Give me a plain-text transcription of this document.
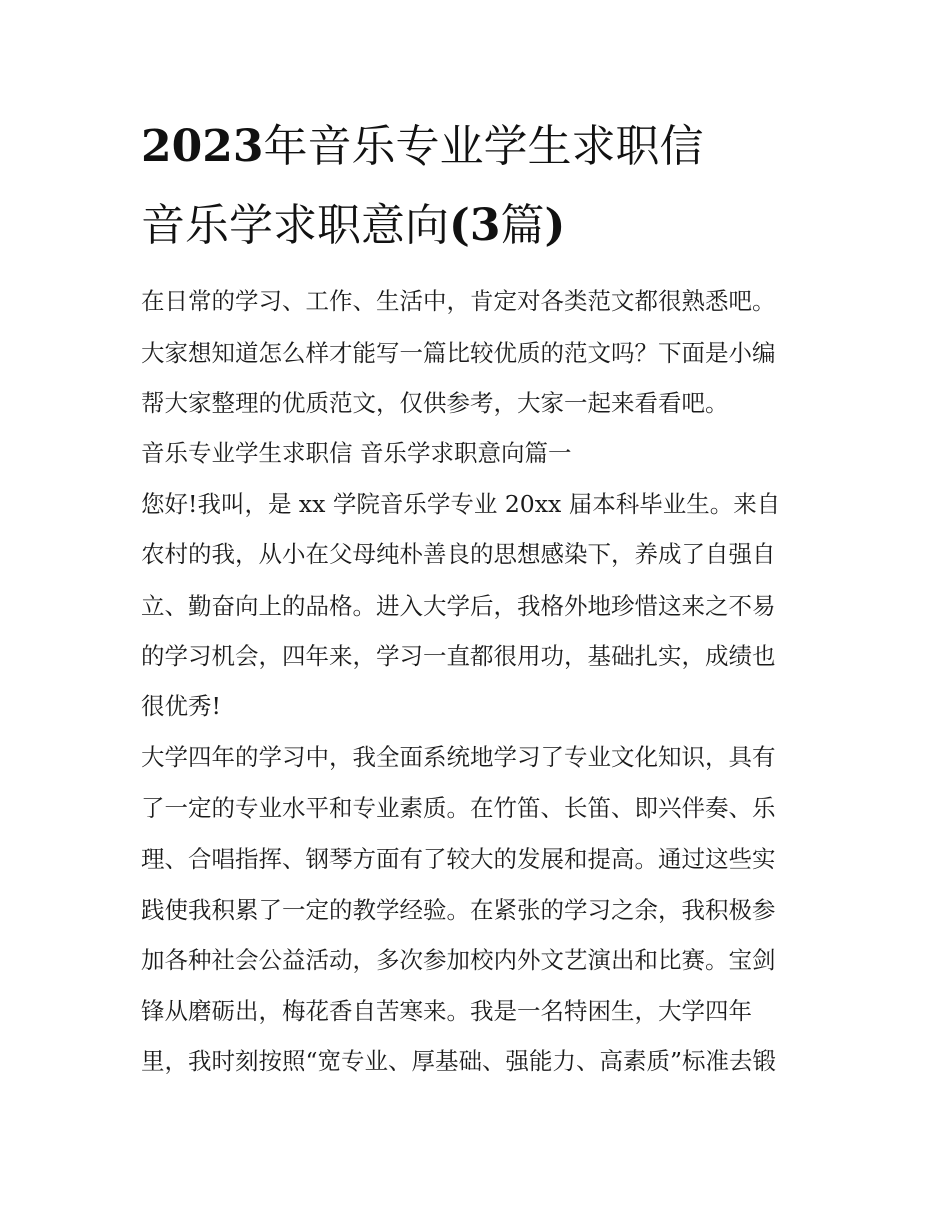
2023年音乐专业学生求职信
音乐学求职意向(3篇)

在日常的学习、工作、生活中，肯定对各类范文都很熟悉吧。

大家想知道怎么样才能写一篇比较优质的范文吗？下面是小编

帮大家整理的优质范文，仅供参考，大家一起来看看吧。

音乐专业学生求职信 音乐学求职意向篇一

您好!我叫，是 xx 学院音乐学专业 20xx 届本科毕业生。来自

农村的我，从小在父母纯朴善良的思想感染下，养成了自强自

立、勤奋向上的品格。进入大学后，我格外地珍惜这来之不易

的学习机会，四年来，学习一直都很用功，基础扎实，成绩也

很优秀!

大学四年的学习中，我全面系统地学习了专业文化知识，具有

了一定的专业水平和专业素质。在竹笛、长笛、即兴伴奏、乐

理、合唱指挥、钢琴方面有了较大的发展和提高。通过这些实

践使我积累了一定的教学经验。在紧张的学习之余，我积极参

加各种社会公益活动，多次参加校内外文艺演出和比赛。宝剑

锋从磨砺出，梅花香自苦寒来。我是一名特困生，大学四年

里，我时刻按照“宽专业、厚基础、强能力、高素质”标准去锻
